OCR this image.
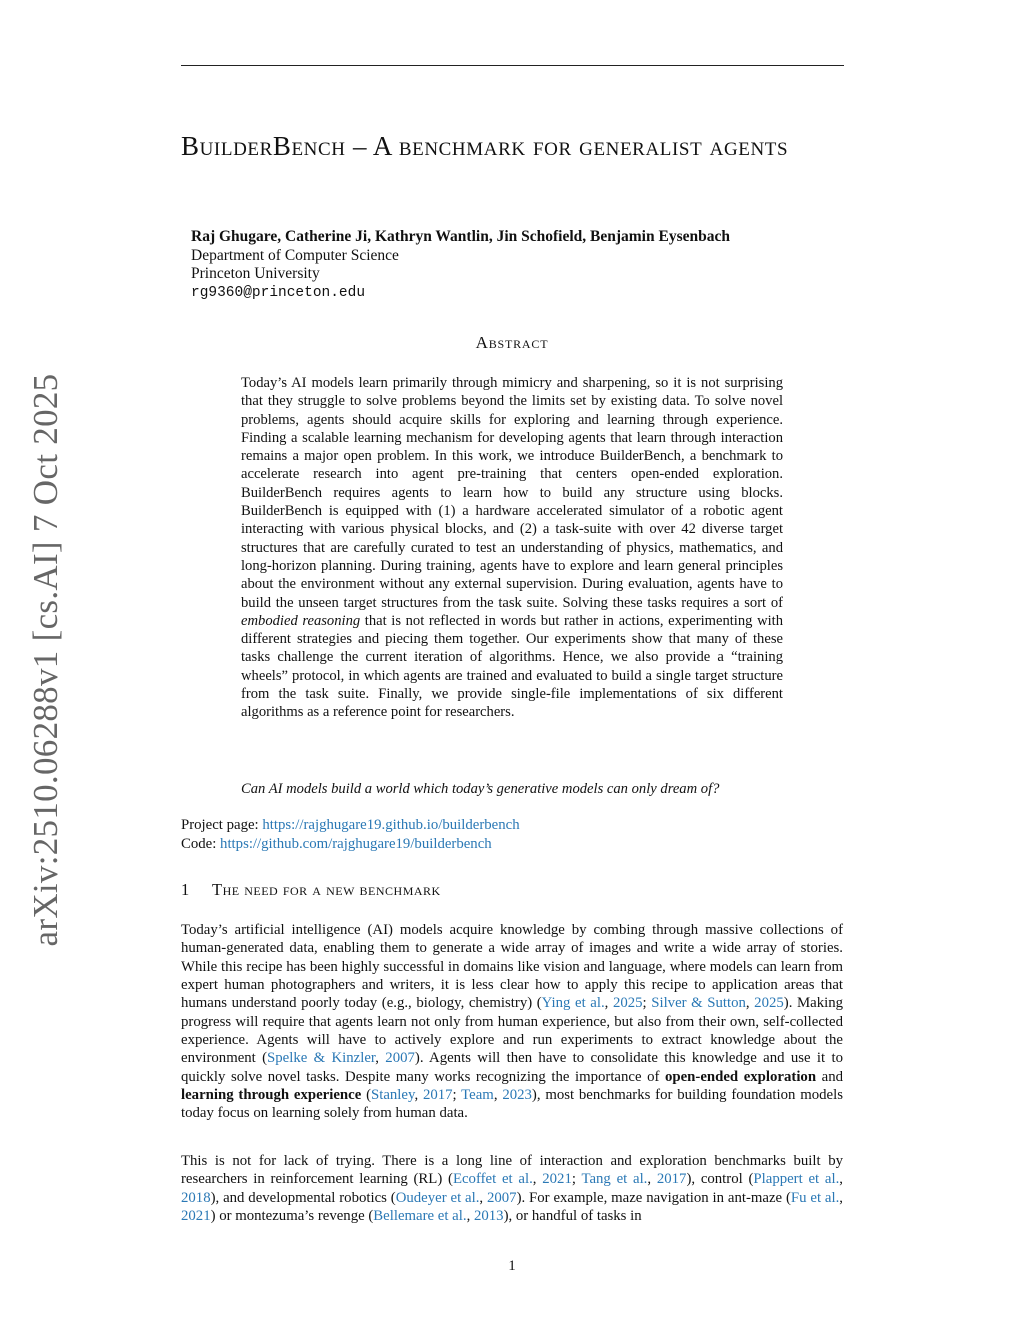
arXiv:2510.06288v1 [cs.AI] 7 Oct 2025
BuilderBench – A benchmark for generalist agents
Raj Ghugare, Catherine Ji, Kathryn Wantlin, Jin Schofield, Benjamin Eysenbach
Department of Computer Science
Princeton University
rg9360@princeton.edu
Abstract

Today’s AI models learn primarily through mimicry and sharpening, so it is not surprising that they struggle to solve problems beyond the limits set by existing data. To solve novel problems, agents should acquire skills for exploring and learning through experience. Finding a scalable learning mechanism for developing agents that learn through interaction remains a major open problem. In this work, we introduce BuilderBench, a benchmark to accelerate research into agent pre-training that centers open-ended exploration. BuilderBench requires agents to learn how to build any structure using blocks. BuilderBench is equipped with (1) a hardware accelerated simulator of a robotic agent interacting with various physical blocks, and (2) a task-suite with over 42 diverse target structures that are carefully curated to test an understanding of physics, mathematics, and long-horizon planning. During training, agents have to explore and learn general principles about the environment without any external supervision. During evaluation, agents have to build the unseen target structures from the task suite. Solving these tasks requires a sort of embodied reasoning that is not reflected in words but rather in actions, experimenting with different strategies and piecing them together. Our experiments show that many of these tasks challenge the current iteration of algorithms. Hence, we also provide a “training wheels” protocol, in which agents are trained and evaluated to build a single target structure from the task suite. Finally, we provide single-file implementations of six different algorithms as a reference point for researchers.

Can AI models build a world which today’s generative models can only dream of?
Project page: https://rajghugare19.github.io/builderbench
Code: https://github.com/rajghugare19/builderbench
1 The need for a new benchmark

Today’s artificial intelligence (AI) models acquire knowledge by combing through massive collections of human-generated data, enabling them to generate a wide array of images and write a wide array of stories. While this recipe has been highly successful in domains like vision and language, where models can learn from expert human photographers and writers, it is less clear how to apply this recipe to application areas that humans understand poorly today (e.g., biology, chemistry) (Ying et al., 2025; Silver & Sutton, 2025). Making progress will require that agents learn not only from human experience, but also from their own, self-collected experience. Agents will have to actively explore and run experiments to extract knowledge about the environment (Spelke & Kinzler, 2007). Agents will then have to consolidate this knowledge and use it to quickly solve novel tasks. Despite many works recognizing the importance of open-ended exploration and learning through experience (Stanley, 2017; Team, 2023), most benchmarks for building foundation models today focus on learning solely from human data.

This is not for lack of trying. There is a long line of interaction and exploration benchmarks built by researchers in reinforcement learning (RL) (Ecoffet et al., 2021; Tang et al., 2017), control (Plappert et al., 2018), and developmental robotics (Oudeyer et al., 2007). For example, maze navigation in ant-maze (Fu et al., 2021) or montezuma’s revenge (Bellemare et al., 2013), or handful of tasks in

1
